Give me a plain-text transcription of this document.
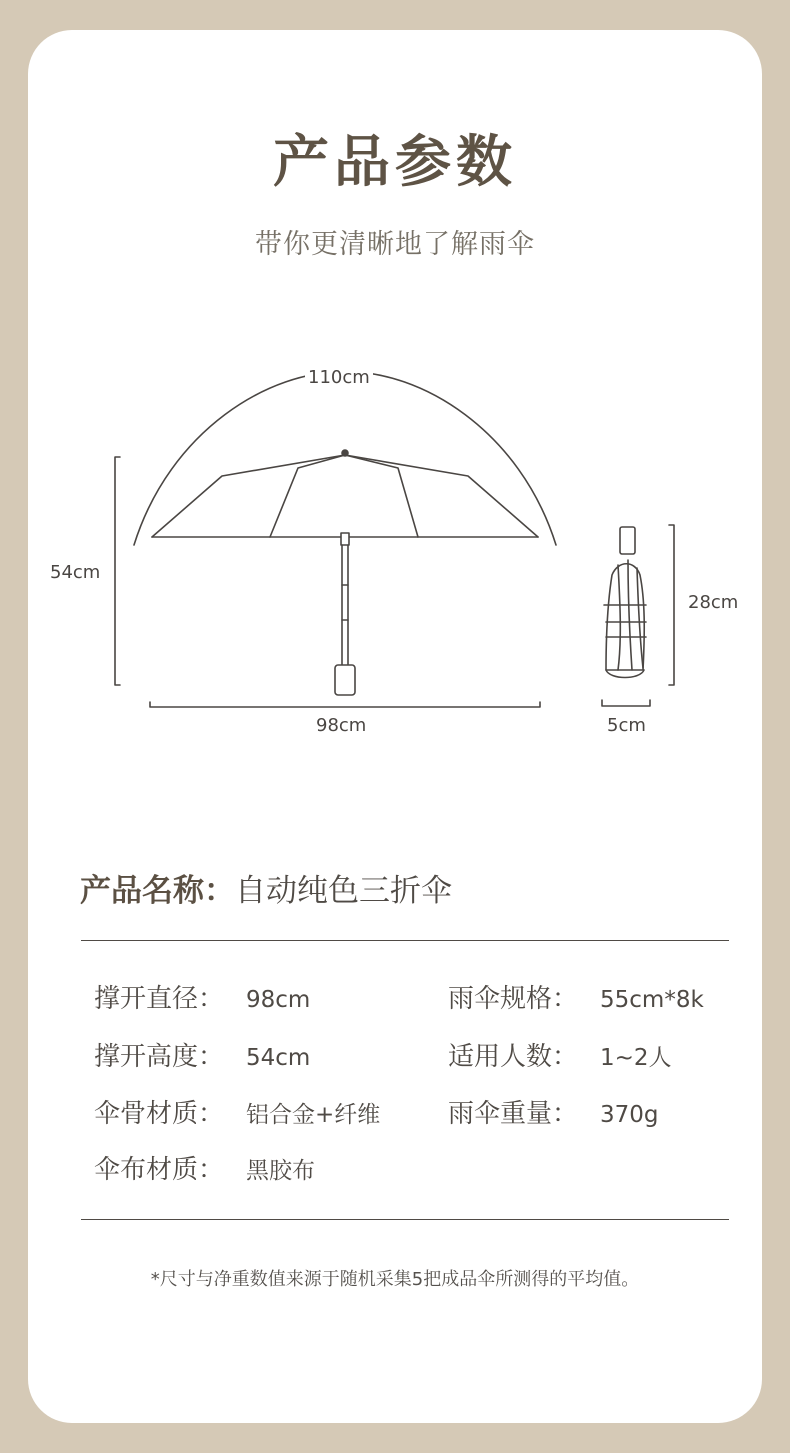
产品参数
带你更清晰地了解雨伞
110cm
54cm
98cm
28cm
5cm
产品名称：自动纯色三折伞
撑开直径： 98cm	雨伞规格： 55cm*8k
撑开高度： 54cm	适用人数： 1~2人
伞骨材质： 铝合金+纤维	雨伞重量： 370g
伞布材质： 黑胶布
*尺寸与净重数值来源于随机采集5把成品伞所测得的平均值。
